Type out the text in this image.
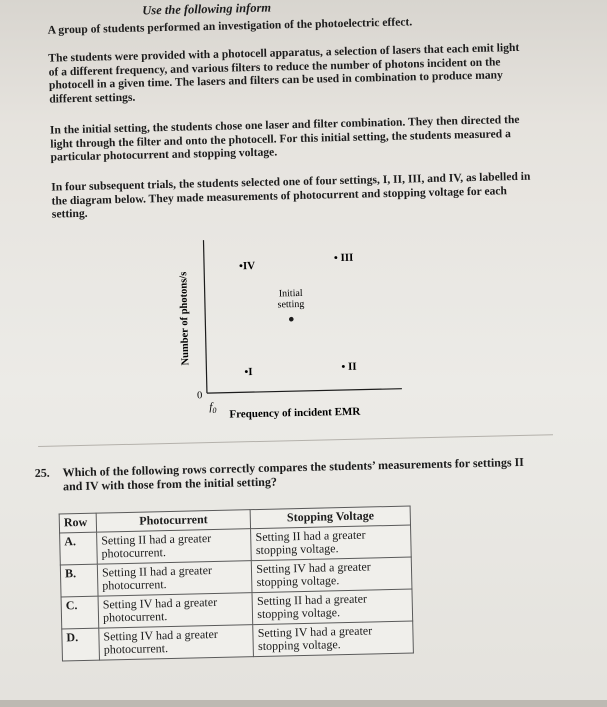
Use the following inform

A group of students performed an investigation of the photoelectric effect.

The students were provided with a photocell apparatus, a selection of lasers that each emit light of a different frequency, and various filters to reduce the number of photons incident on the photocell in a given time. The lasers and filters can be used in combination to produce many different settings.

In the initial setting, the students chose one laser and filter combination. They then directed the light through the filter and onto the photocell. For this initial setting, the students measured a particular photocurrent and stopping voltage.

In four subsequent trials, the students selected one of four settings, I, II, III, and IV, as labelled in the diagram below. They made measurements of photocurrent and stopping voltage for each setting.

Number of photons/s
0
$f_0$ Frequency of incident EMR
•IV
• III
Initial
setting
•I	• II
25. Which of the following rows correctly compares the students’ measurements for settings II and IV with those from the initial setting?

Row	Photocurrent	Stopping Voltage
A.	Setting II had a greater photocurrent.	Setting II had a greater stopping voltage.
B.	Setting II had a greater photocurrent.	Setting IV had a greater stopping voltage.
C.	Setting IV had a greater photocurrent.	Setting II had a greater stopping voltage.
D.	Setting IV had a greater photocurrent.	Setting IV had a greater stopping voltage.
